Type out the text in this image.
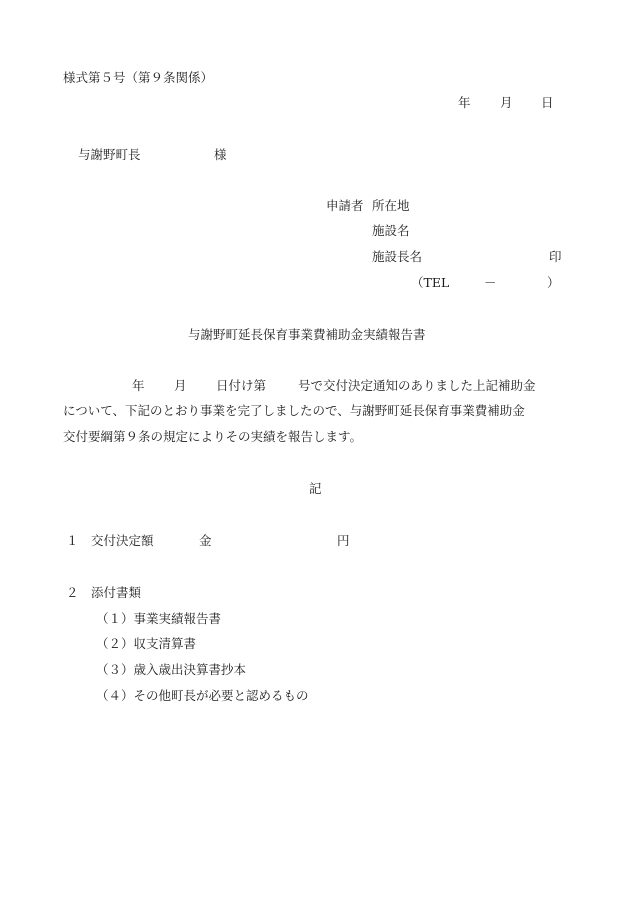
様式第５号（第９条関係）
年 月 日
与謝野町長	様
申請者 所在地
施設名
施設長名	印
（TEL	－	）
与謝野町延長保育事業費補助金実績報告書
年 月 日付け第	号で交付決定通知のありました上記補助金
について、下記のとおり事業を完了しましたので、与謝野町延長保育事業費補助金
交付要綱第９条の規定によりその実績を報告します。
記
１ 交付決定額	金	円
２ 添付書類
（１）事業実績報告書
（２）収支清算書
（３）歳入歳出決算書抄本
（４）その他町長が必要と認めるもの
